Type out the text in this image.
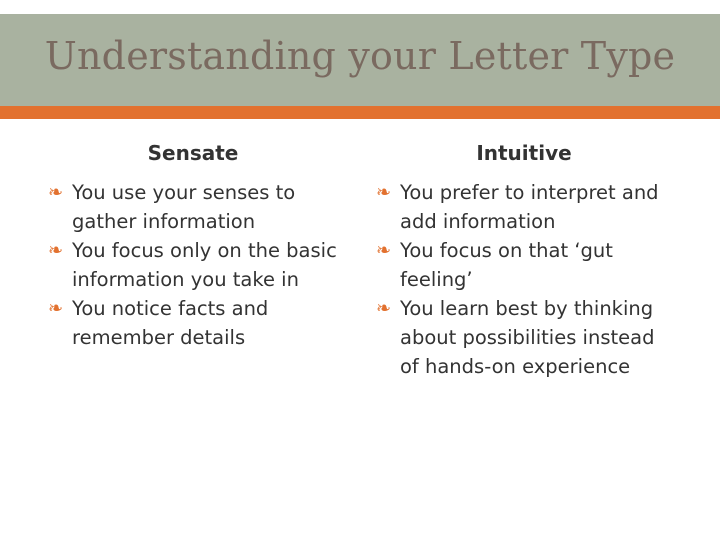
Understanding your Letter Type
Sensate
❧ You use your senses to gather information
❧ You focus only on the basic information you take in
❧ You notice facts and remember details
Intuitive
❧ You prefer to interpret and add information
❧ You focus on that ‘gut feeling’
❧ You learn best by thinking about possibilities instead of hands-on experience
